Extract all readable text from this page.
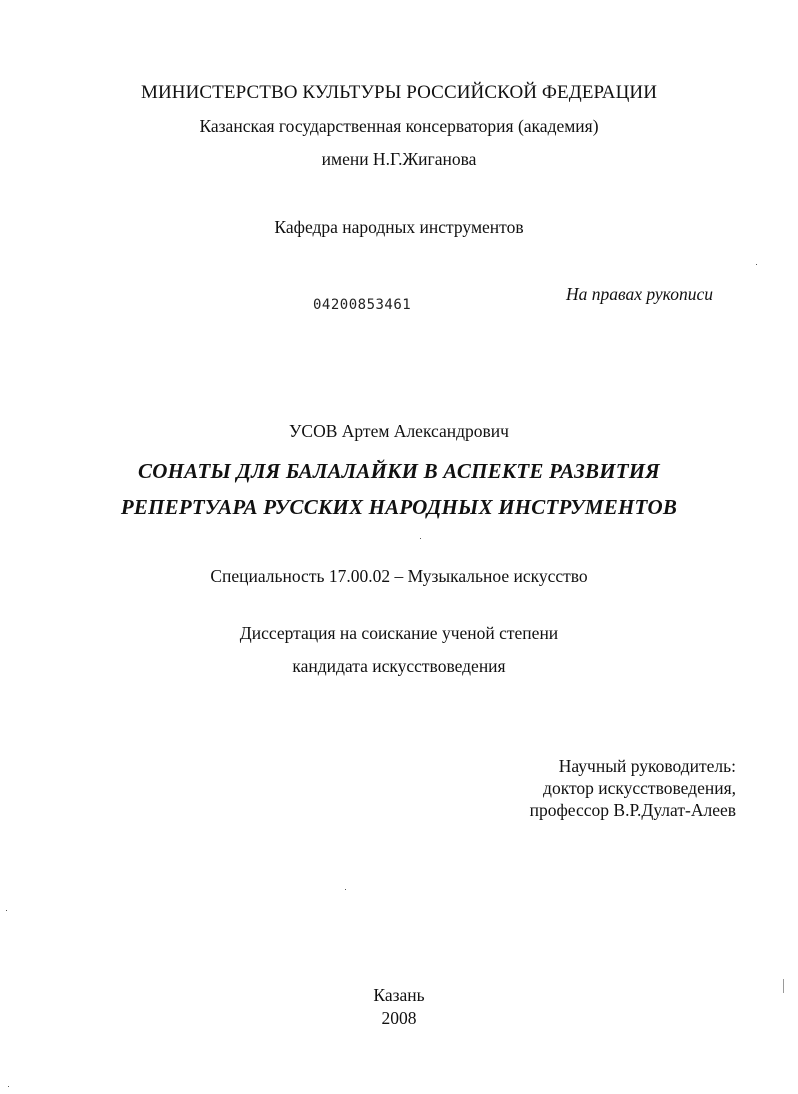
МИНИСТЕРСТВО КУЛЬТУРЫ РОССИЙСКОЙ ФЕДЕРАЦИИ
Казанская государственная консерватория (академия)
имени Н.Г.Жиганова
Кафедра народных инструментов
04200853461
На правах рукописи
УСОВ Артем Александрович
СОНАТЫ ДЛЯ БАЛАЛАЙКИ В АСПЕКТЕ РАЗВИТИЯ
РЕПЕРТУАРА РУССКИХ НАРОДНЫХ ИНСТРУМЕНТОВ
Специальность 17.00.02 – Музыкальное искусство
Диссертация на соискание ученой степени
кандидата искусствоведения
Научный руководитель:
доктор искусствоведения,
профессор В.Р.Дулат-Алеев
Казань
2008
